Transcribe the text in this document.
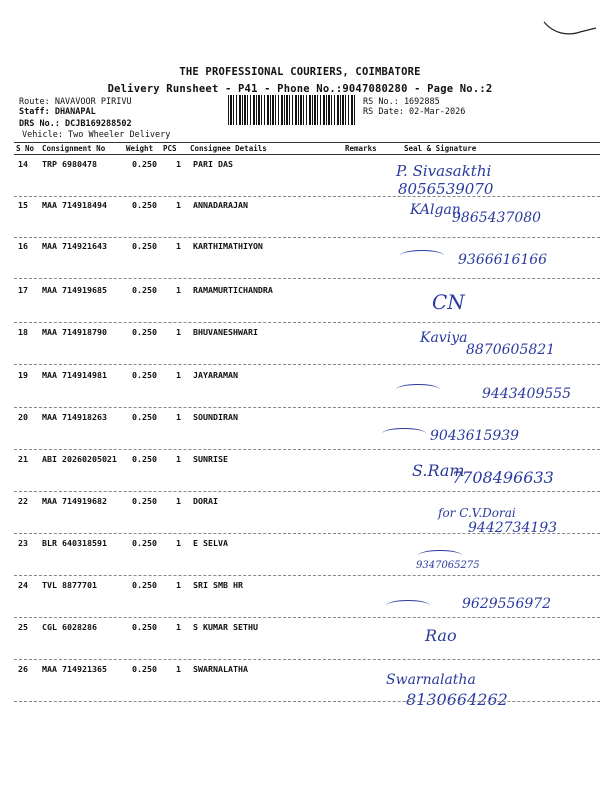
THE PROFESSIONAL COURIERS, COIMBATORE
Delivery Runsheet - P41 - Phone No.:9047080280 - Page No.:2
Route: NAVAVOOR PIRIVU
Staff: DHANAPAL
DRS No.: DCJB169288502
Vehicle: Two Wheeler Delivery
RS No.: 1692885
RS Date: 02-Mar-2026
S No Consignment No	Weight PCS Consignee Details	Remarks	Seal & Signature
14 TRP 6980478	0.250 1 PARI DAS	P. Sivasakthi
8056539070
15 MAA 714918494	0.250 1 ANNADARAJAN	KAlgan
9865437080
16 MAA 714921643	0.250 1 KARTHIMATHIYON
9366616166
17 MAA 714919685	0.250 1 RAMAMURTICHANDRA	CN
18 MAA 714918790	0.250 1 BHUVANESHWARI	Kaviya
8870605821
19 MAA 714914981	0.250 1 JAYARAMAN
9443409555
20 MAA 714918263	0.250 1 SOUNDIRAN
9043615939
21 ABI 20260205021 0.250 1 SUNRISE
S.Ram
7708496633
22 MAA 714919682	0.250 1 DORAI
for C.V.Dorai
9442734193
23 BLR 640318591	0.250 1 E SELVA
9347065275
24 TVL 8877701	0.250 1 SRI SMB HR
9629556972
25 CGL 6028286	0.250 1 S KUMAR SETHU	Rao
26 MAA 714921365	0.250 1 SWARNALATHA
Swarnalatha
8130664262
